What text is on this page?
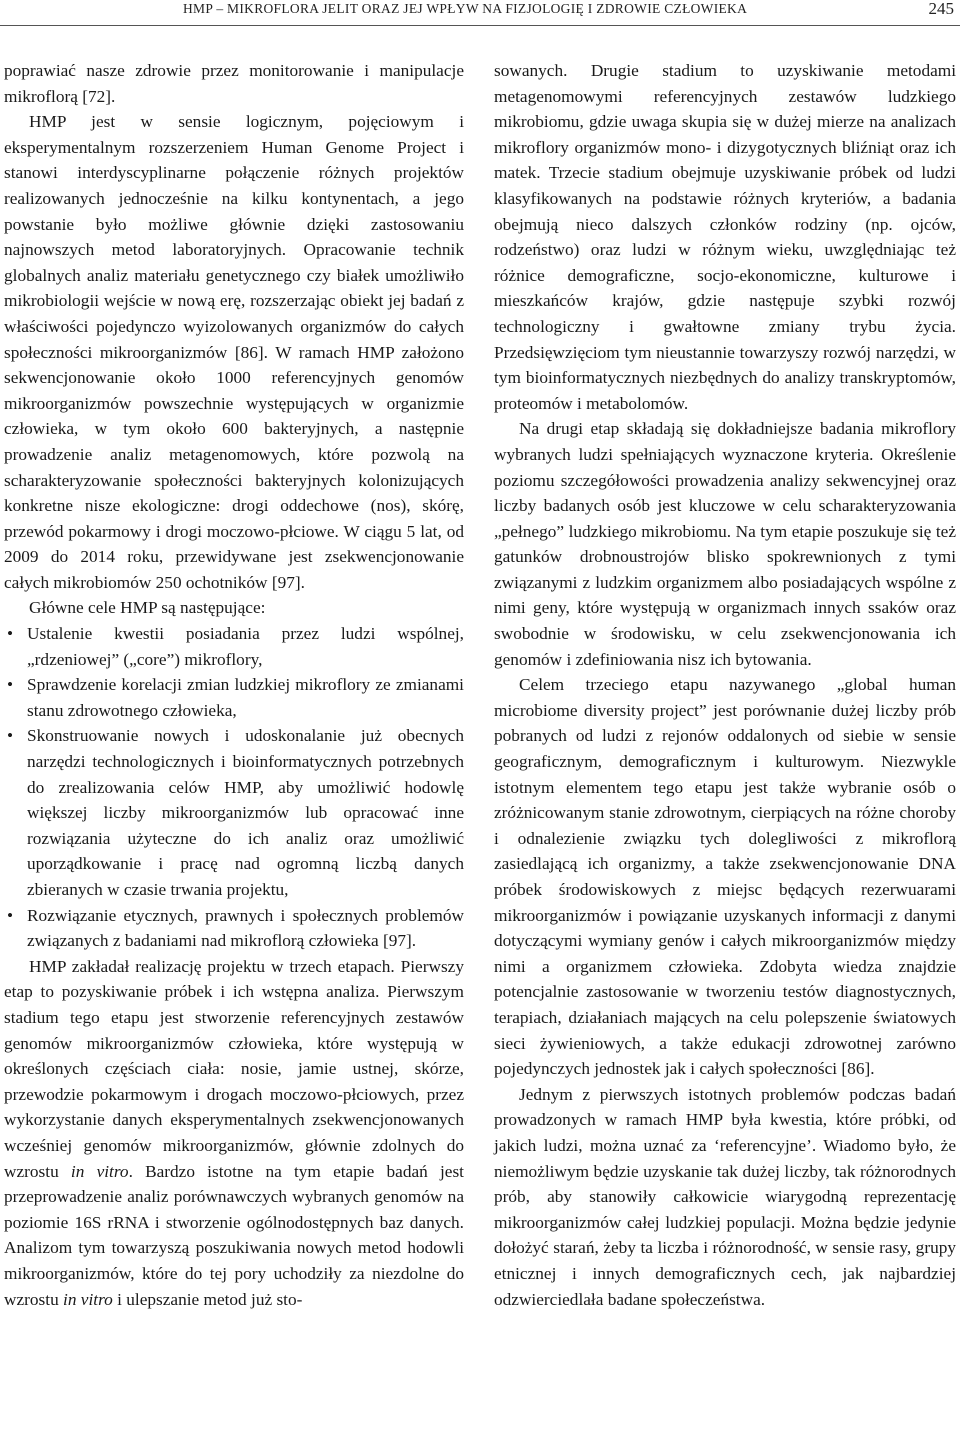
HMP – MIKROFLORA JELIT ORAZ JEJ WPŁYW NA FIZJOLOGIĘ I ZDROWIE CZŁOWIEKA	245

poprawiać nasze zdrowie przez monitorowanie i manipulacje mikroflorą [72].

HMP jest w sensie logicznym, pojęciowym i eksperymentalnym rozszerzeniem Human Genome Project i stanowi interdyscyplinarne połączenie różnych projektów realizowanych jednocześnie na kilku kontynentach, a jego powstanie było możliwe głównie dzięki zastosowaniu najnowszych metod laboratoryjnych. Opracowanie technik globalnych analiz materiału genetycznego czy białek umożliwiło mikrobiologii wejście w nową erę, rozszerzając obiekt jej badań z właściwości pojedynczo wyizolowanych organizmów do całych społeczności mikroorganizmów [86]. W ramach HMP założono sekwencjonowanie około 1000 referencyjnych genomów mikroorganizmów powszechnie występujących w organizmie człowieka, w tym około 600 bakteryjnych, a następnie prowadzenie analiz metagenomowych, które pozwolą na scharakteryzowanie społeczności bakteryjnych kolonizujących konkretne nisze ekologiczne: drogi oddechowe (nos), skórę, przewód pokarmowy i drogi moczowo-płciowe. W ciągu 5 lat, od 2009 do 2014 roku, przewidywane jest zsekwencjonowanie całych mikrobiomów 250 ochotników [97].

Główne cele HMP są następujące:

• Ustalenie kwestii posiadania przez ludzi wspólnej, „rdzeniowej” („core”) mikroflory,
• Sprawdzenie korelacji zmian ludzkiej mikroflory ze zmianami stanu zdrowotnego człowieka,
• Skonstruowanie nowych i udoskonalanie już obecnych narzędzi technologicznych i bioinformatycznych potrzebnych do zrealizowania celów HMP, aby umożliwić hodowlę większej liczby mikroorganizmów lub opracować inne rozwiązania użyteczne do ich analiz oraz umożliwić uporządkowanie i pracę nad ogromną liczbą danych zbieranych w czasie trwania projektu,
• Rozwiązanie etycznych, prawnych i społecznych problemów związanych z badaniami nad mikroflorą człowieka [97].

HMP zakładał realizację projektu w trzech etapach. Pierwszy etap to pozyskiwanie próbek i ich wstępna analiza. Pierwszym stadium tego etapu jest stworzenie referencyjnych zestawów genomów mikroorganizmów człowieka, które występują w określonych częściach ciała: nosie, jamie ustnej, skórze, przewodzie pokarmowym i drogach moczowo-płciowych, przez wykorzystanie danych eksperymentalnych zsekwencjonowanych wcześniej genomów mikroorganizmów, głównie zdolnych do wzrostu in vitro. Bardzo istotne na tym etapie badań jest przeprowadzenie analiz porównawczych wybranych genomów na poziomie 16S rRNA i stworzenie ogólnodostępnych baz danych. Analizom tym towarzyszą poszukiwania nowych metod hodowli mikroorganizmów, które do tej pory uchodziły za niezdolne do wzrostu in vitro i ulepszanie metod już sto-

sowanych. Drugie stadium to uzyskiwanie metodami metagenomowymi referencyjnych zestawów ludzkiego mikrobiomu, gdzie uwaga skupia się w dużej mierze na analizach mikroflory organizmów mono- i dizygotycznych bliźniąt oraz ich matek. Trzecie stadium obejmuje uzyskiwanie próbek od ludzi klasyfikowanych na podstawie różnych kryteriów, a badania obejmują nieco dalszych członków rodziny (np. ojców, rodzeństwo) oraz ludzi w różnym wieku, uwzględniając też różnice demograficzne, socjo-ekonomiczne, kulturowe i mieszkańców krajów, gdzie następuje szybki rozwój technologiczny i gwałtowne zmiany trybu życia. Przedsięwzięciom tym nieustannie towarzyszy rozwój narzędzi, w tym bioinformatycznych niezbędnych do analizy transkryptomów, proteomów i metabolomów.

Na drugi etap składają się dokładniejsze badania mikroflory wybranych ludzi spełniających wyznaczone kryteria. Określenie poziomu szczegółowości prowadzenia analizy sekwencyjnej oraz liczby badanych osób jest kluczowe w celu scharakteryzowania „pełnego” ludzkiego mikrobiomu. Na tym etapie poszukuje się też gatunków drobnoustrojów blisko spokrewnionych z tymi związanymi z ludzkim organizmem albo posiadających wspólne z nimi geny, które występują w organizmach innych ssaków oraz swobodnie w środowisku, w celu zsekwencjonowania ich genomów i zdefiniowania nisz ich bytowania.

Celem trzeciego etapu nazywanego „global human microbiome diversity project” jest porównanie dużej liczby prób pobranych od ludzi z rejonów oddalonych od siebie w sensie geograficznym, demograficznym i kulturowym. Niezwykle istotnym elementem tego etapu jest także wybranie osób o zróżnicowanym stanie zdrowotnym, cierpiących na różne choroby i odnalezienie związku tych dolegliwości z mikroflorą zasiedlającą ich organizmy, a także zsekwencjonowanie DNA próbek środowiskowych z miejsc będących rezerwuarami mikroorganizmów i powiązanie uzyskanych informacji z danymi dotyczącymi wymiany genów i całych mikroorganizmów między nimi a organizmem człowieka. Zdobyta wiedza znajdzie potencjalnie zastosowanie w tworzeniu testów diagnostycznych, terapiach, działaniach mających na celu polepszenie światowych sieci żywieniowych, a także edukacji zdrowotnej zarówno pojedynczych jednostek jak i całych społeczności [86].

Jednym z pierwszych istotnych problemów podczas badań prowadzonych w ramach HMP była kwestia, które próbki, od jakich ludzi, można uznać za ‘referencyjne’. Wiadomo było, że niemożliwym będzie uzyskanie tak dużej liczby, tak różnorodnych prób, aby stanowiły całkowicie wiarygodną reprezentację mikroorganizmów całej ludzkiej populacji. Można będzie jedynie dołożyć starań, żeby ta liczba i różnorodność, w sensie rasy, grupy etnicznej i innych demograficznych cech, jak najbardziej odzwierciedlała badane społeczeństwa.
